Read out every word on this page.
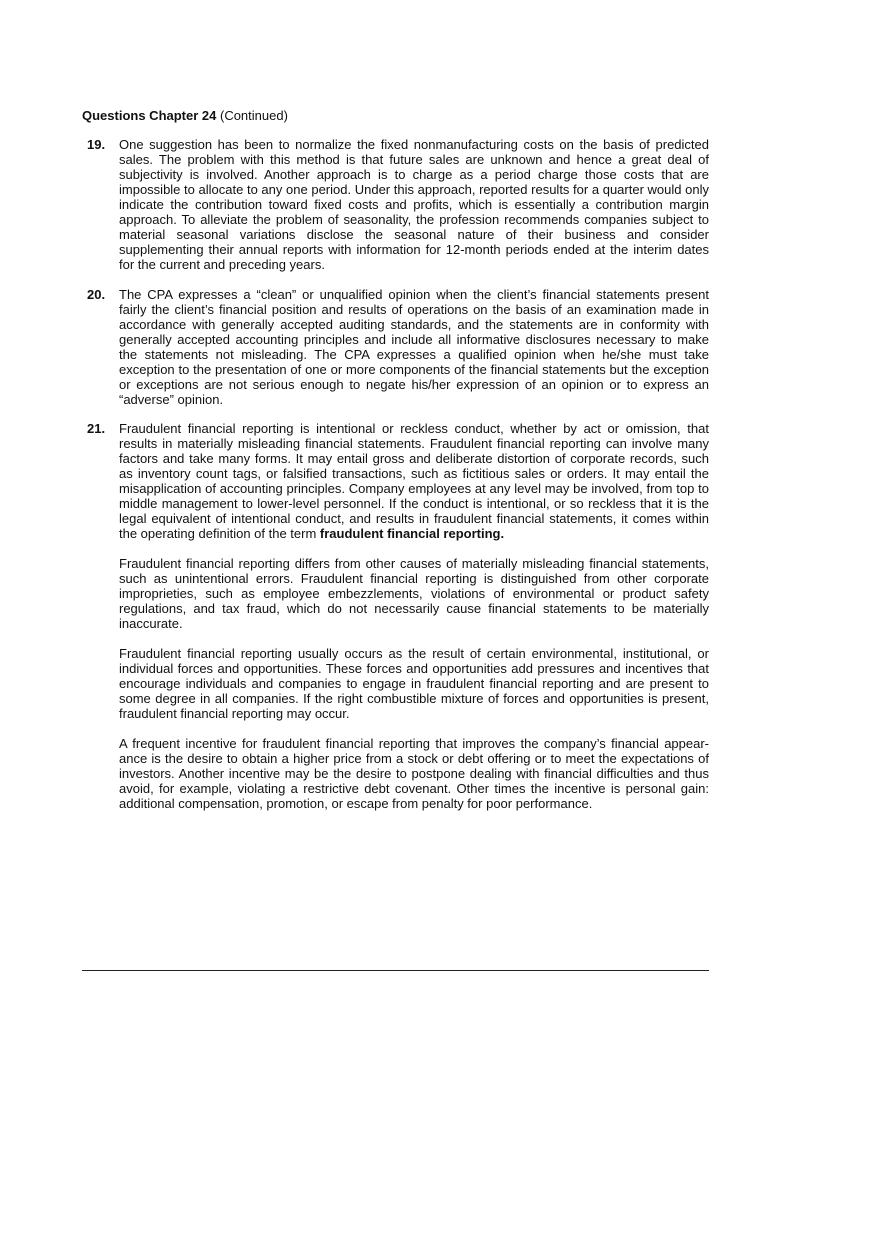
Questions Chapter 24 (Continued)
19.	One suggestion has been to normalize the fixed nonmanufacturing costs on the basis of predicted sales. The problem with this method is that future sales are unknown and hence a great deal of subjectivity is involved. Another approach is to charge as a period charge those costs that are impossible to allocate to any one period. Under this approach, reported results for a quarter would only indicate the contribution toward fixed costs and profits, which is essentially a contribution margin approach. To alleviate the problem of seasonality, the profession recommends companies subject to material seasonal variations disclose the seasonal nature of their business and consider supplementing their annual reports with information for 12-month periods ended at the interim dates for the current and preceding years.

20.	The CPA expresses a “clean” or unqualified opinion when the client’s financial statements present fairly the client’s financial position and results of operations on the basis of an examination made in accordance with generally accepted auditing standards, and the statements are in conformity with generally accepted accounting principles and include all informative disclosures necessary to make the statements not misleading. The CPA expresses a qualified opinion when he/she must take exception to the presentation of one or more components of the financial statements but the exception or exceptions are not serious enough to negate his/her expression of an opinion or to express an “adverse” opinion.

21.	Fraudulent financial reporting is intentional or reckless conduct, whether by act or omission, that results in materially misleading financial statements. Fraudulent financial reporting can involve many factors and take many forms. It may entail gross and deliberate distortion of corporate records, such as inventory count tags, or falsified transactions, such as fictitious sales or orders. It may entail the misapplication of accounting principles. Company employees at any level may be involved, from top to middle management to lower-level personnel. If the conduct is intentional, or so reckless that it is the legal equivalent of intentional conduct, and results in fraudulent financial statements, it comes within the operating definition of the term fraudulent financial reporting.

Fraudulent financial reporting differs from other causes of materially misleading financial statements, such as unintentional errors. Fraudulent financial reporting is distinguished from other corporate improprieties, such as employee embezzlements, violations of environmental or product safety regulations, and tax fraud, which do not necessarily cause financial statements to be materially inaccurate.

Fraudulent financial reporting usually occurs as the result of certain environmental, institutional, or individual forces and opportunities. These forces and opportunities add pressures and incentives that encourage individuals and companies to engage in fraudulent financial reporting and are present to some degree in all companies. If the right combustible mixture of forces and opportunities is present, fraudulent financial reporting may occur.

A frequent incentive for fraudulent financial reporting that improves the company’s financial appear-ance is the desire to obtain a higher price from a stock or debt offering or to meet the expectations of investors. Another incentive may be the desire to postpone dealing with financial difficulties and thus avoid, for example, violating a restrictive debt covenant. Other times the incentive is personal gain: additional compensation, promotion, or escape from penalty for poor performance.
